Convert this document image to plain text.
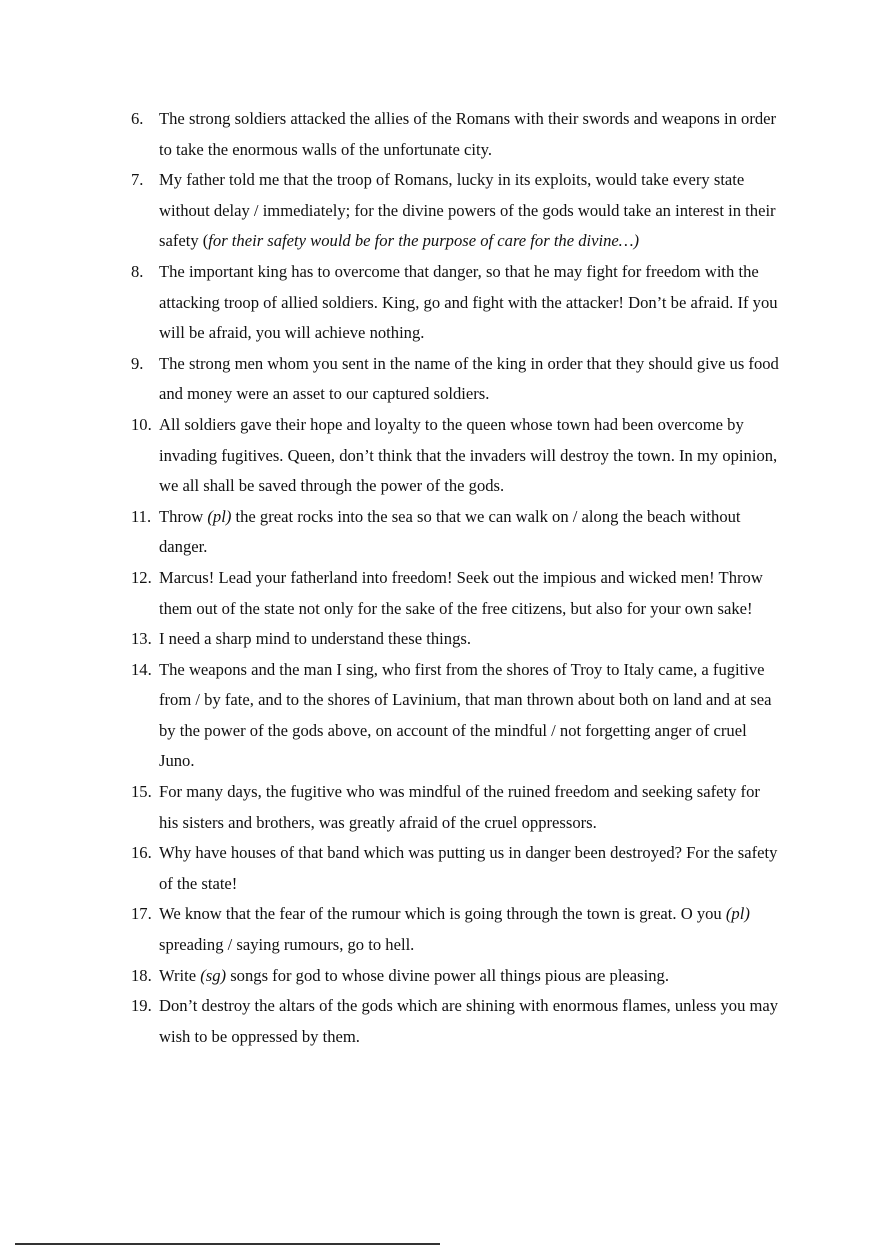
6. The strong soldiers attacked the allies of the Romans with their swords and weapons in order to take the enormous walls of the unfortunate city.
7. My father told me that the troop of Romans, lucky in its exploits, would take every state without delay / immediately; for the divine powers of the gods would take an interest in their safety (for their safety would be for the purpose of care for the divine…)
8. The important king has to overcome that danger, so that he may fight for freedom with the attacking troop of allied soldiers. King, go and fight with the attacker! Don’t be afraid. If you will be afraid, you will achieve nothing.
9. The strong men whom you sent in the name of the king in order that they should give us food and money were an asset to our captured soldiers.
10. All soldiers gave their hope and loyalty to the queen whose town had been overcome by invading fugitives. Queen, don’t think that the invaders will destroy the town. In my opinion, we all shall be saved through the power of the gods.
11. Throw (pl) the great rocks into the sea so that we can walk on / along the beach without danger.
12. Marcus! Lead your fatherland into freedom! Seek out the impious and wicked men! Throw them out of the state not only for the sake of the free citizens, but also for your own sake!
13. I need a sharp mind to understand these things.
14. The weapons and the man I sing, who first from the shores of Troy to Italy came, a fugitive from / by fate, and to the shores of Lavinium, that man thrown about both on land and at sea by the power of the gods above, on account of the mindful / not forgetting anger of cruel Juno.
15. For many days, the fugitive who was mindful of the ruined freedom and seeking safety for his sisters and brothers, was greatly afraid of the cruel oppressors.
16. Why have houses of that band which was putting us in danger been destroyed? For the safety of the state!
17. We know that the fear of the rumour which is going through the town is great. O you (pl) spreading / saying rumours, go to hell.
18. Write (sg) songs for god to whose divine power all things pious are pleasing.
19. Don’t destroy the altars of the gods which are shining with enormous flames, unless you may wish to be oppressed by them.
